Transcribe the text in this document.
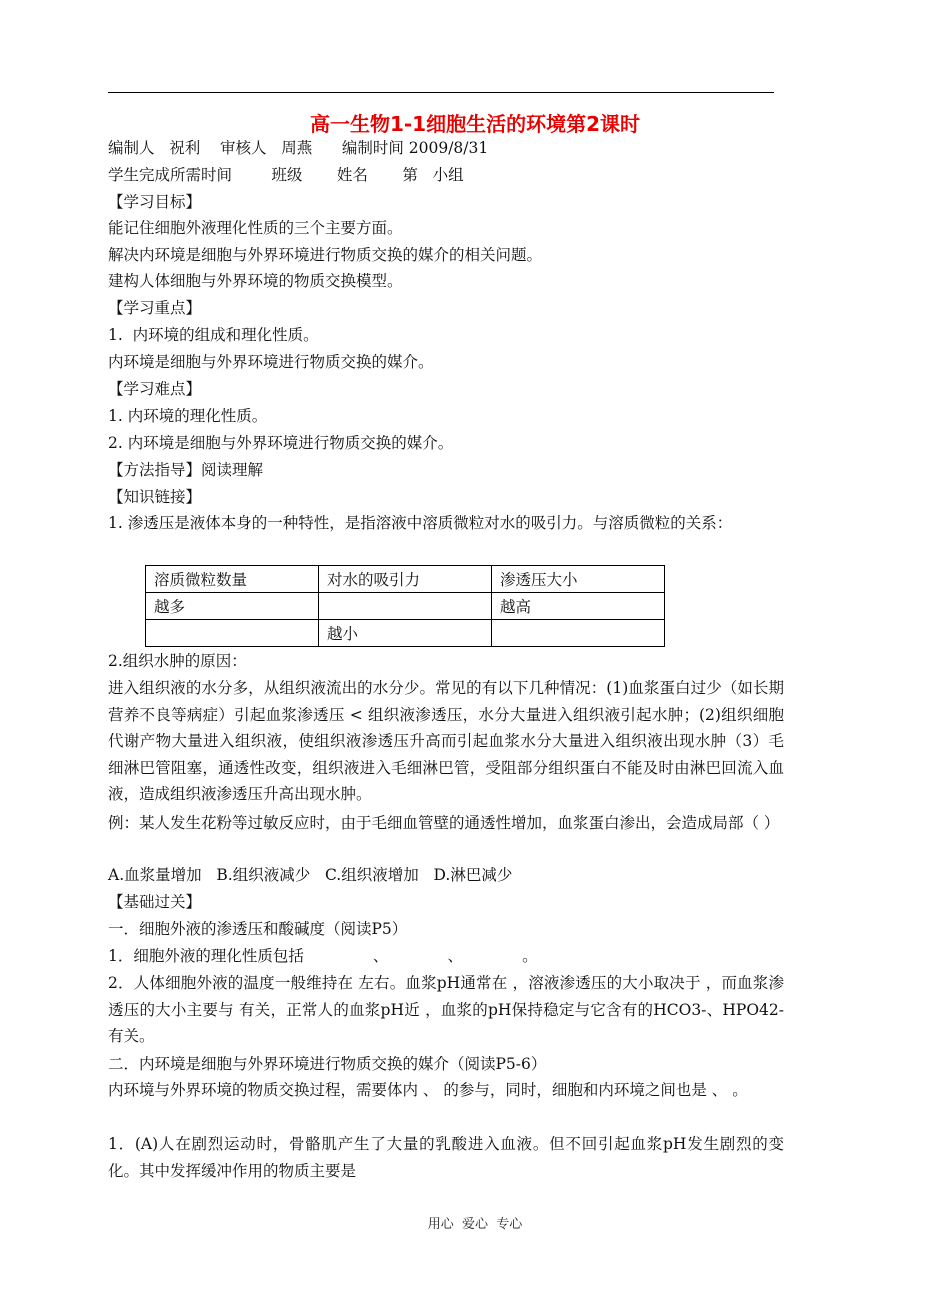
高一生物1-1细胞生活的环境第2课时
编制人   祝利    审核人   周燕      编制时间 2009/8/31
学生完成所需时间        班级       姓名       第   小组
【学习目标】
能记住细胞外液理化性质的三个主要方面。
解决内环境是细胞与外界环境进行物质交换的媒介的相关问题。
建构人体细胞与外界环境的物质交换模型。
【学习重点】
1.  内环境的组成和理化性质。
内环境是细胞与外界环境进行物质交换的媒介。
【学习难点】
1. 内环境的理化性质。
2. 内环境是细胞与外界环境进行物质交换的媒介。
【方法指导】阅读理解
【知识链接】
1. 渗透压是液体本身的一种特性，是指溶液中溶质微粒对水的吸引力。与溶质微粒的关系：
溶质微粒数量	对水的吸引力	渗透压大小
越多		越高
	越小	
2.组织水肿的原因：
进入组织液的水分多，从组织液流出的水分少。常见的有以下几种情况：(1)血浆蛋白过少（如长期营养不良等病症）引起血浆渗透压 < 组织液渗透压，水分大量进入组织液引起水肿；(2)组织细胞代谢产物大量进入组织液，使组织液渗透压升高而引起血浆水分大量进入组织液出现水肿（3）毛细淋巴管阻塞，通透性改变，组织液进入毛细淋巴管，受阻部分组织蛋白不能及时由淋巴回流入血液，造成组织液渗透压升高出现水肿。
例：某人发生花粉等过敏反应时，由于毛细血管壁的通透性增加，血浆蛋白渗出，会造成局部（ ）
A.血浆量增加   B.组织液减少   C.组织液增加   D.淋巴减少
【基础过关】
一．细胞外液的渗透压和酸碱度（阅读P5）
1．细胞外液的理化性质包括              、            、            。
2．人体细胞外液的温度一般维持在 左右。血浆pH通常在 ，溶液渗透压的大小取决于 ，而血浆渗透压的大小主要与 有关，正常人的血浆pH近 ，血浆的pH保持稳定与它含有的HCO3-、HPO42-有关。
二．内环境是细胞与外界环境进行物质交换的媒介（阅读P5-6）
内环境与外界环境的物质交换过程，需要体内 、 的参与，同时，细胞和内环境之间也是 、 。
1．(A)人在剧烈运动时，骨骼肌产生了大量的乳酸进入血液。但不回引起血浆pH发生剧烈的变化。其中发挥缓冲作用的物质主要是
用心  爱心  专心
